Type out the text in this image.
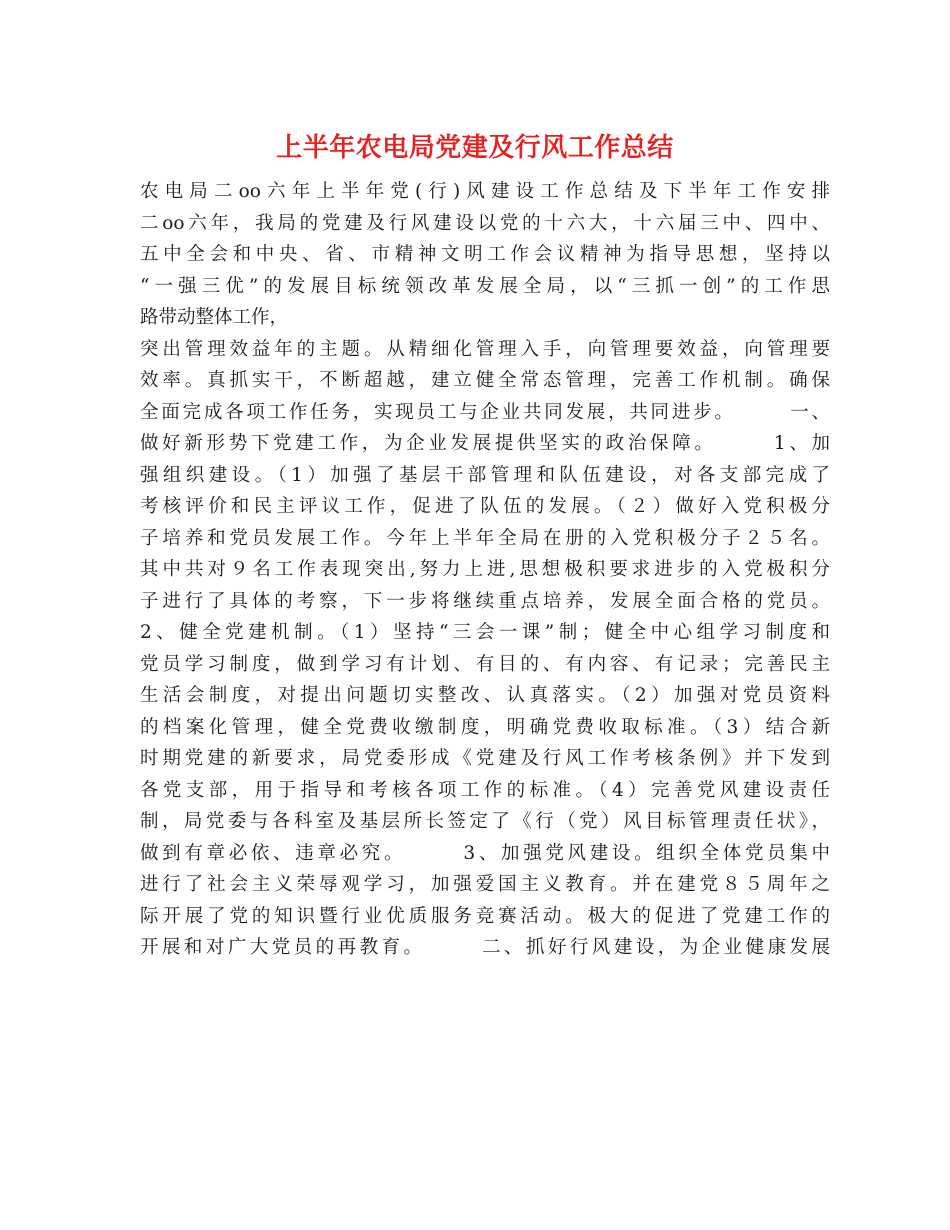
上半年农电局党建及行风工作总结
农电局二oo六年上半年党(行)风建设工作总结及下半年工作安排
二oo六年，我局的党建及行风建设以党的十六大，十六届三中、四中、
五中全会和中央、省、市精神文明工作会议精神为指导思想，坚持以
“一强三优”的发展目标统领改革发展全局，以“三抓一创”的工作思
路带动整体工作，
突出管理效益年的主题。从精细化管理入手，向管理要效益，向管理要
效率。真抓实干，不断超越，建立健全常态管理，完善工作机制。确保
全面完成各项工作任务，实现员工与企业共同发展，共同进步。　　　一、
做好新形势下党建工作，为企业发展提供坚实的政治保障。　　　1、加
强组织建设。（1）加强了基层干部管理和队伍建设，对各支部完成了
考核评价和民主评议工作，促进了队伍的发展。（２）做好入党积极分
子培养和党员发展工作。今年上半年全局在册的入党积极分子２５名。
其中共对９名工作表现突出,努力上进,思想极积要求进步的入党极积分
子进行了具体的考察，下一步将继续重点培养，发展全面合格的党员。
2、健全党建机制。（1）坚持“三会一课”制；健全中心组学习制度和
党员学习制度，做到学习有计划、有目的、有内容、有记录；完善民主
生活会制度，对提出问题切实整改、认真落实。（2）加强对党员资料
的档案化管理，健全党费收缴制度，明确党费收取标准。（3）结合新
时期党建的新要求，局党委形成《党建及行风工作考核条例》并下发到
各党支部，用于指导和考核各项工作的标准。（4）完善党风建设责任
制，局党委与各科室及基层所长签定了《行（党）风目标管理责任状》，
做到有章必依、违章必究。　　　3、加强党风建设。组织全体党员集中
进行了社会主义荣辱观学习，加强爱国主义教育。并在建党８５周年之
际开展了党的知识暨行业优质服务竞赛活动。极大的促进了党建工作的
开展和对广大党员的再教育。　　　二、抓好行风建设，为企业健康发展
